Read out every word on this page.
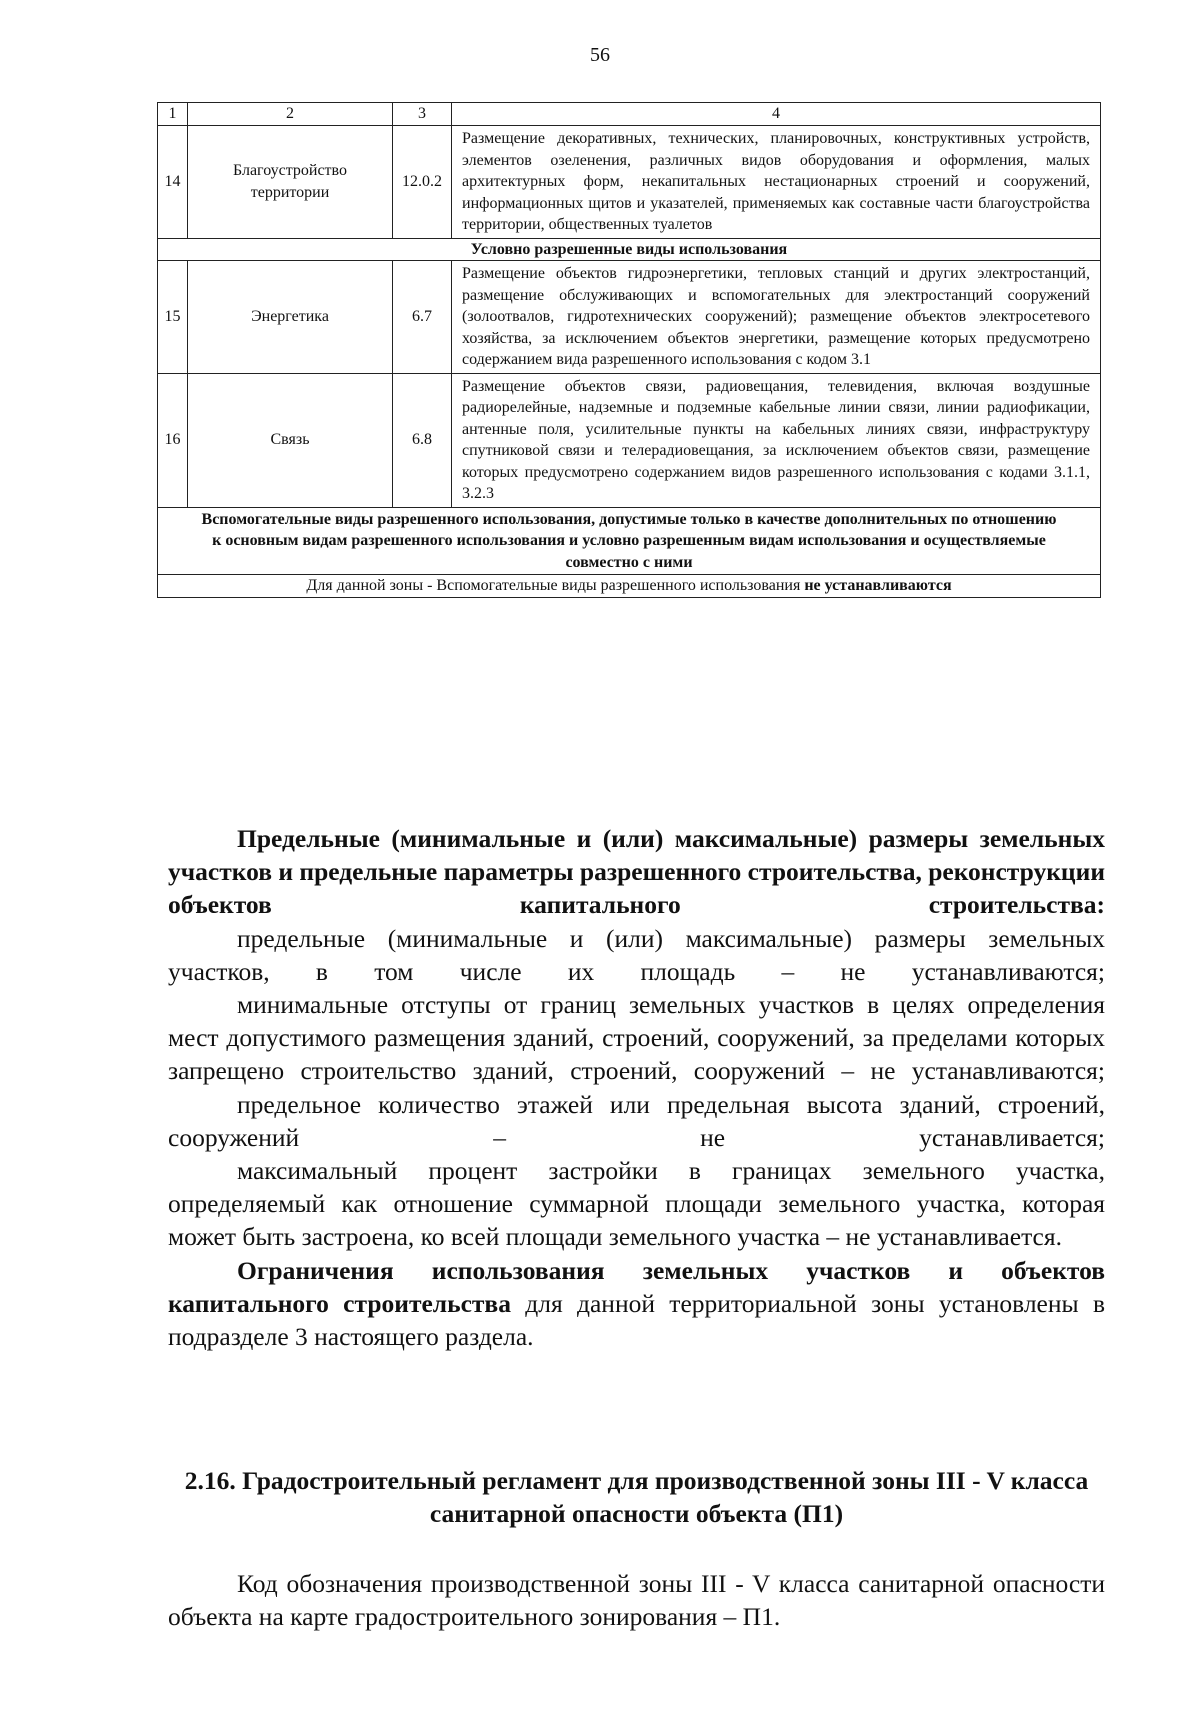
56
1	2	3	4
14	Благоустройство территории	12.0.2	Размещение декоративных, технических, планировочных, конструктивных устройств, элементов озеленения, различных видов оборудования и оформления, малых архитектурных форм, некапитальных нестационарных строений и сооружений, информационных щитов и указателей, применяемых как составные части благоустройства территории, общественных туалетов
Условно разрешенные виды использования			
15	Энергетика	6.7	Размещение объектов гидроэнергетики, тепловых станций и других электростанций, размещение обслуживающих и вспомогательных для электростанций сооружений (золоотвалов, гидротехнических сооружений); размещение объектов электросетевого хозяйства, за исключением объектов энергетики, размещение которых предусмотрено содержанием вида разрешенного использования с кодом 3.1
16	Связь	6.8	Размещение объектов связи, радиовещания, телевидения, включая воздушные радиорелейные, надземные и подземные кабельные линии связи, линии радиофикации, антенные поля, усилительные пункты на кабельных линиях связи, инфраструктуру спутниковой связи и телерадиовещания, за исключением объектов связи, размещение которых предусмотрено содержанием видов разрешенного использования с кодами 3.1.1, 3.2.3
Вспомогательные виды разрешенного использования, допустимые только в качестве дополнительных по отношению к основным видам разрешенного использования и условно разрешенным видам использования и осуществляемые совместно с ними			
Для данной зоны - Вспомогательные виды разрешенного использования не устанавливаются			

Предельные (минимальные и (или) максимальные) размеры земельных участков и предельные параметры разрешенного строительства, реконструкции объектов капитального строительства:

предельные (минимальные и (или) максимальные) размеры земельных участков, в том числе их площадь – не устанавливаются;

минимальные отступы от границ земельных участков в целях определения мест допустимого размещения зданий, строений, сооружений, за пределами которых запрещено строительство зданий, строений, сооружений – не устанавливаются;

предельное количество этажей или предельная высота зданий, строений, сооружений – не устанавливается;

максимальный процент застройки в границах земельного участка, определяемый как отношение суммарной площади земельного участка, которая может быть застроена, ко всей площади земельного участка – не устанавливается.

Ограничения использования земельных участков и объектов капитального строительства для данной территориальной зоны установлены в подразделе 3 настоящего раздела.

2.16. Градостроительный регламент для производственной зоны III - V класса санитарной опасности объекта (П1)

Код обозначения производственной зоны III - V класса санитарной опасности объекта на карте градостроительного зонирования – П1.
